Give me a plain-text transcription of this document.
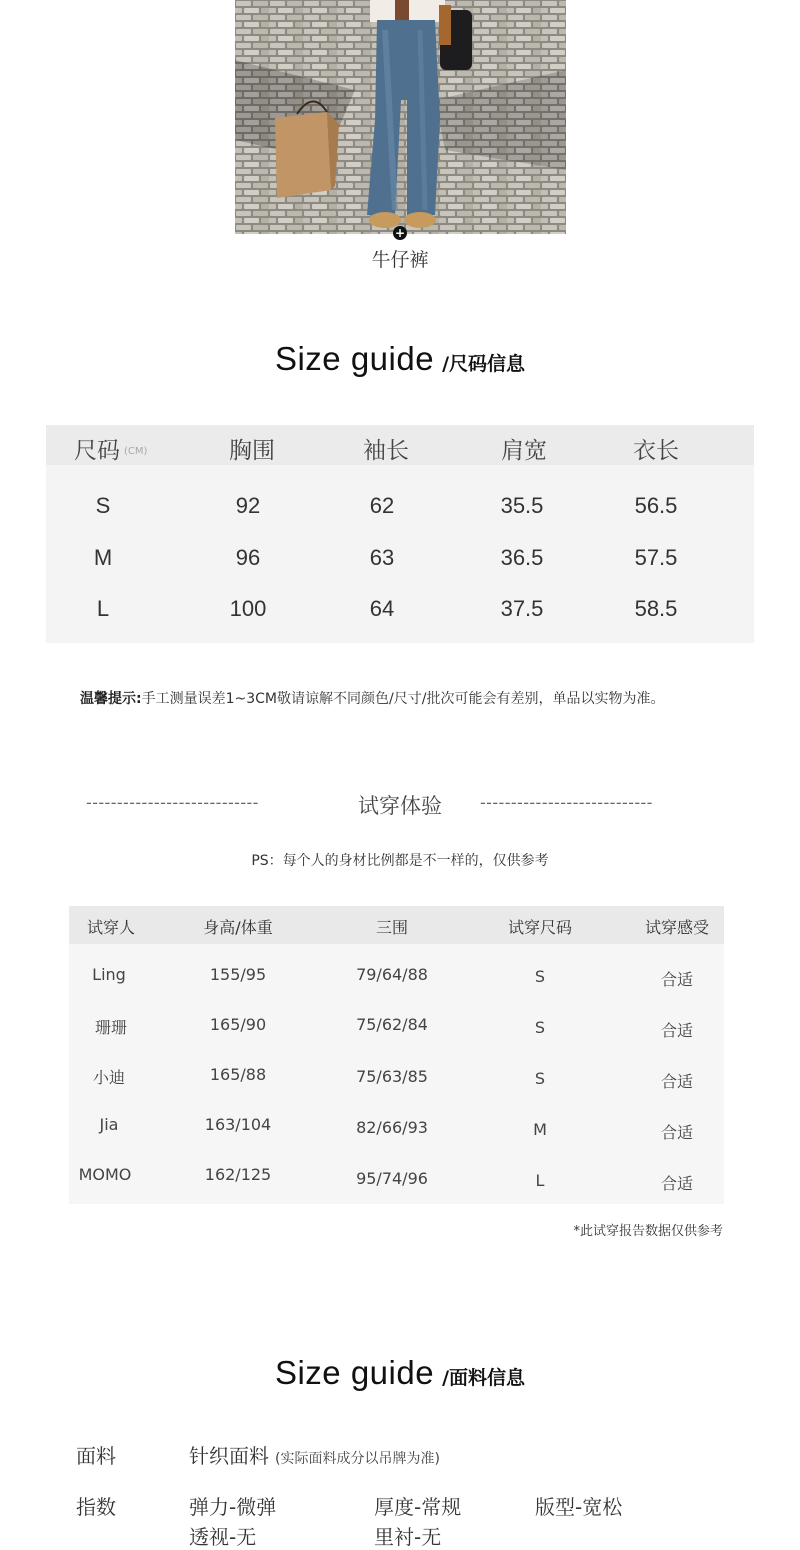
+
牛仔裤
Size guide /尺码信息
尺码 (CM)	胸围	袖长	肩宽	衣长
S	92	62	35.5	56.5
M	96	63	36.5	57.5
L	100	64	37.5	58.5
温馨提示:手工测量误差1~3CM敬请谅解不同颜色/尺寸/批次可能会有差别，单品以实物为准。
----------------------------	试穿体验	----------------------------
PS：每个人的身材比例都是不一样的，仅供参考
试穿人	身高/体重	三围	试穿尺码	试穿感受
Ling	155/95	79/64/88	S	合适
珊珊	165/90	75/62/84	S	合适
小迪	165/88	75/63/85	S	合适
Jia	163/104	82/66/93	M	合适
MOMO	162/125	95/74/96	L	合适
*此试穿报告数据仅供参考
Size guide /面料信息
面料	针织面料 (实际面料成分以吊牌为准)
指数	弹力-微弹	厚度-常规	版型-宽松
透视-无	里衬-无
